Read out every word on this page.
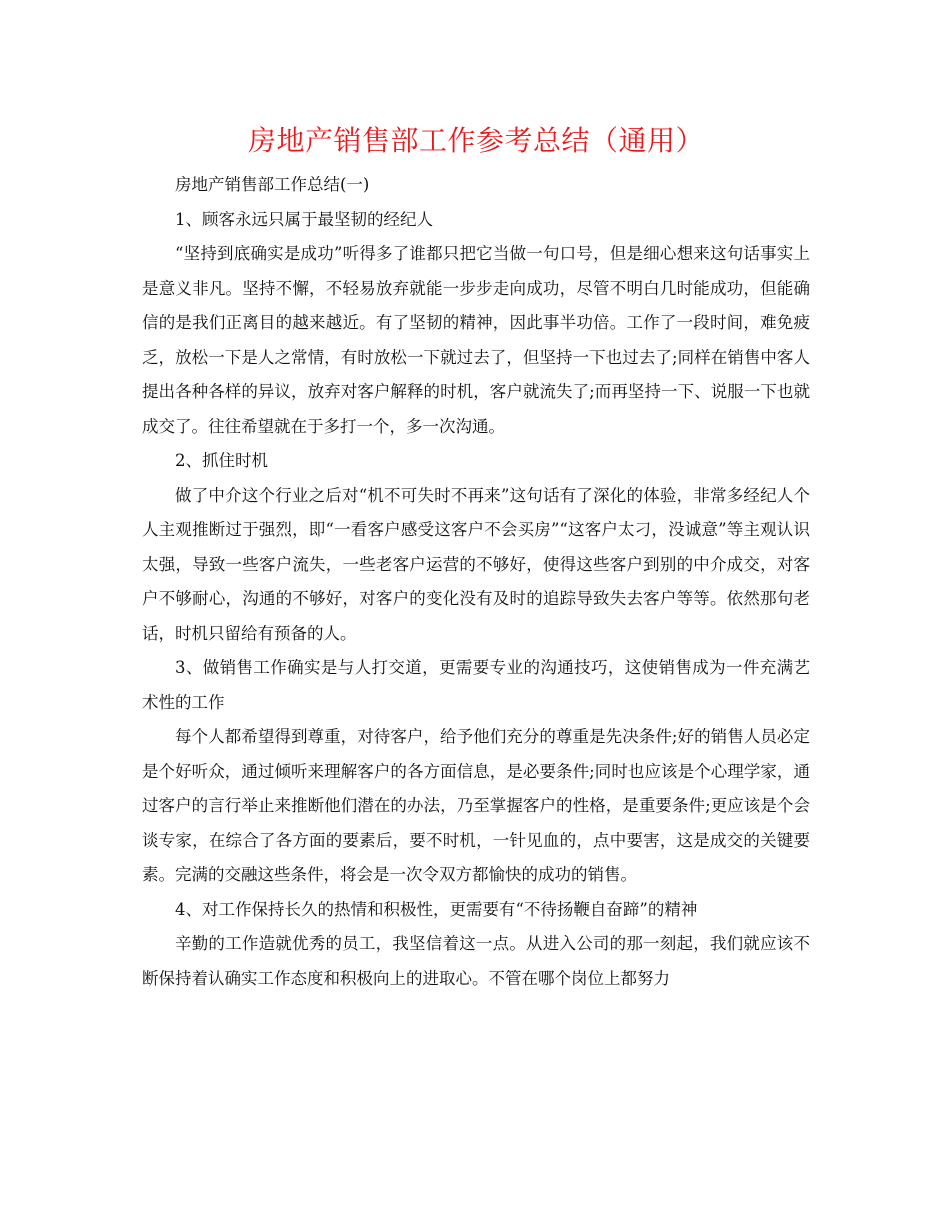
房地产销售部工作参考总结（通用）

房地产销售部工作总结(一)

1、顾客永远只属于最坚韧的经纪人

“坚持到底确实是成功”听得多了谁都只把它当做一句口号，但是细心想来这句话事实上是意义非凡。坚持不懈，不轻易放弃就能一步步走向成功，尽管不明白几时能成功，但能确信的是我们正离目的越来越近。有了坚韧的精神，因此事半功倍。工作了一段时间，难免疲乏，放松一下是人之常情，有时放松一下就过去了，但坚持一下也过去了;同样在销售中客人提出各种各样的异议，放弃对客户解释的时机，客户就流失了;而再坚持一下、说服一下也就成交了。往往希望就在于多打一个，多一次沟通。

2、抓住时机

做了中介这个行业之后对“机不可失时不再来”这句话有了深化的体验，非常多经纪人个人主观推断过于强烈，即“一看客户感受这客户不会买房”“这客户太刁，没诚意”等主观认识太强，导致一些客户流失，一些老客户运营的不够好，使得这些客户到别的中介成交，对客户不够耐心，沟通的不够好，对客户的变化没有及时的追踪导致失去客户等等。依然那句老话，时机只留给有预备的人。

3、做销售工作确实是与人打交道，更需要专业的沟通技巧，这使销售成为一件充满艺术性的工作

每个人都希望得到尊重，对待客户，给予他们充分的尊重是先决条件;好的销售人员必定是个好听众，通过倾听来理解客户的各方面信息，是必要条件;同时也应该是个心理学家，通过客户的言行举止来推断他们潜在的办法，乃至掌握客户的性格，是重要条件;更应该是个会谈专家，在综合了各方面的要素后，要不时机，一针见血的，点中要害，这是成交的关键要素。完满的交融这些条件，将会是一次令双方都愉快的成功的销售。

4、对工作保持长久的热情和积极性，更需要有“不待扬鞭自奋蹄”的精神

辛勤的工作造就优秀的员工，我坚信着这一点。从进入公司的那一刻起，我们就应该不断保持着认确实工作态度和积极向上的进取心。不管在哪个岗位上都努力
